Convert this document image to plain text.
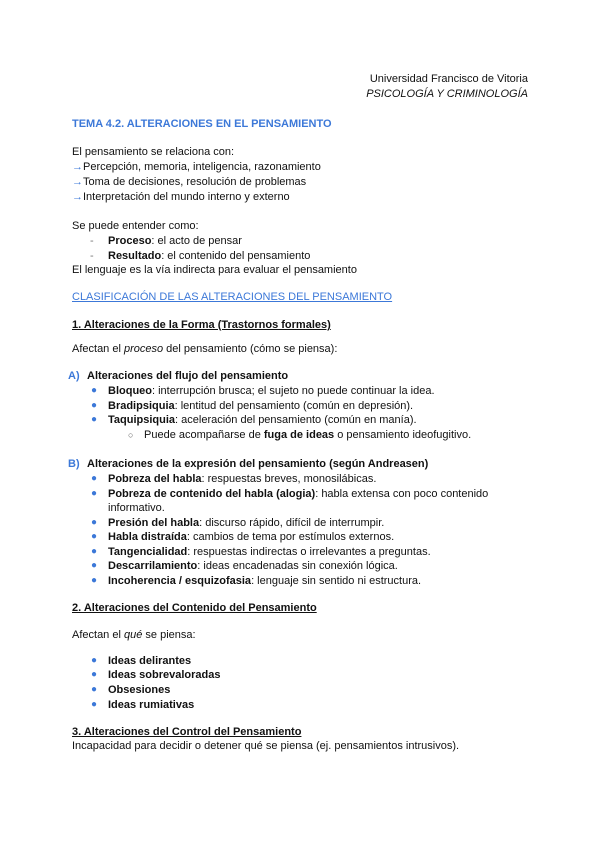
Universidad Francisco de Vitoria
PSICOLOGÍA Y CRIMINOLOGÍA
TEMA 4.2. ALTERACIONES EN EL PENSAMIENTO
El pensamiento se relaciona con:
→Percepción, memoria, inteligencia, razonamiento
→Toma de decisiones, resolución de problemas
→Interpretación del mundo interno y externo
Se puede entender como:
- Proceso: el acto de pensar
- Resultado: el contenido del pensamiento
El lenguaje es la vía indirecta para evaluar el pensamiento
CLASIFICACIÓN DE LAS ALTERACIONES DEL PENSAMIENTO
1. Alteraciones de la Forma (Trastornos formales)
Afectan el proceso del pensamiento (cómo se piensa):
A) Alteraciones del flujo del pensamiento
● Bloqueo: interrupción brusca; el sujeto no puede continuar la idea.
● Bradipsiquia: lentitud del pensamiento (común en depresión).
● Taquipsiquia: aceleración del pensamiento (común en manía).
○ Puede acompañarse de fuga de ideas o pensamiento ideofugitivo.
B) Alteraciones de la expresión del pensamiento (según Andreasen)
● Pobreza del habla: respuestas breves, monosilábicas.
● Pobreza de contenido del habla (alogia): habla extensa con poco contenido
informativo.
● Presión del habla: discurso rápido, difícil de interrumpir.
● Habla distraída: cambios de tema por estímulos externos.
● Tangencialidad: respuestas indirectas o irrelevantes a preguntas.
● Descarrilamiento: ideas encadenadas sin conexión lógica.
● Incoherencia / esquizofasia: lenguaje sin sentido ni estructura.
2. Alteraciones del Contenido del Pensamiento
Afectan el qué se piensa:
● Ideas delirantes
● Ideas sobrevaloradas
● Obsesiones
● Ideas rumiativas
3. Alteraciones del Control del Pensamiento
Incapacidad para decidir o detener qué se piensa (ej. pensamientos intrusivos).
